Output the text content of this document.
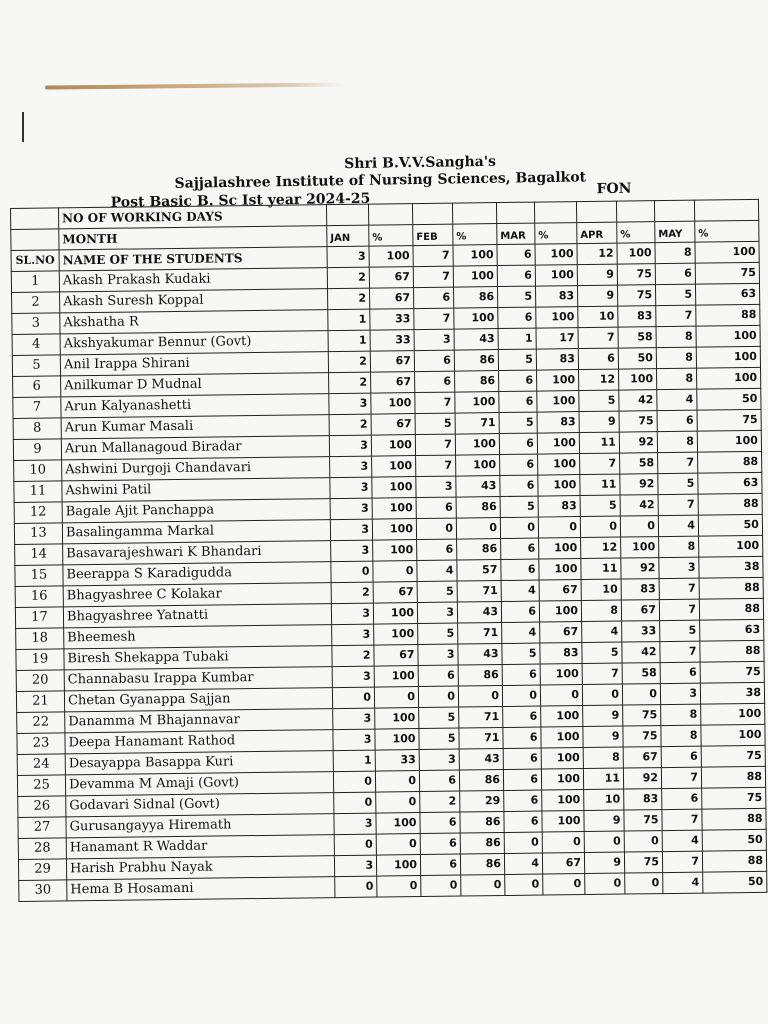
Shri B.V.V.Sangha's
Sajjalashree Institute of Nursing Sciences, Bagalkot
Post Basic B. Sc Ist year 2024-25
FON
	NO OF WORKING DAYS										
	MONTH	JAN	%	FEB	%	MAR	%	APR	%	MAY	%
SL.NO	NAME OF THE STUDENTS	3	100	7	100	6	100	12	100	8	100
1	Akash Prakash Kudaki	2	67	7	100	6	100	9	75	6	75
2	Akash Suresh Koppal	2	67	6	86	5	83	9	75	5	63
3	Akshatha R	1	33	7	100	6	100	10	83	7	88
4	Akshyakumar Bennur (Govt)	1	33	3	43	1	17	7	58	8	100
5	Anil Irappa Shirani	2	67	6	86	5	83	6	50	8	100
6	Anilkumar D Mudnal	2	67	6	86	6	100	12	100	8	100
7	Arun Kalyanashetti	3	100	7	100	6	100	5	42	4	50
8	Arun Kumar Masali	2	67	5	71	5	83	9	75	6	75
9	Arun Mallanagoud Biradar	3	100	7	100	6	100	11	92	8	100
10	Ashwini Durgoji Chandavari	3	100	7	100	6	100	7	58	7	88
11	Ashwini Patil	3	100	3	43	6	100	11	92	5	63
12	Bagale Ajit Panchappa	3	100	6	86	5	83	5	42	7	88
13	Basalingamma Markal	3	100	0	0	0	0	0	0	4	50
14	Basavarajeshwari K Bhandari	3	100	6	86	6	100	12	100	8	100
15	Beerappa S Karadigudda	0	0	4	57	6	100	11	92	3	38
16	Bhagyashree C Kolakar	2	67	5	71	4	67	10	83	7	88
17	Bhagyashree Yatnatti	3	100	3	43	6	100	8	67	7	88
18	Bheemesh	3	100	5	71	4	67	4	33	5	63
19	Biresh Shekappa Tubaki	2	67	3	43	5	83	5	42	7	88
20	Channabasu Irappa Kumbar	3	100	6	86	6	100	7	58	6	75
21	Chetan Gyanappa Sajjan	0	0	0	0	0	0	0	0	3	38
22	Danamma M Bhajannavar	3	100	5	71	6	100	9	75	8	100
23	Deepa Hanamant Rathod	3	100	5	71	6	100	9	75	8	100
24	Desayappa Basappa Kuri	1	33	3	43	6	100	8	67	6	75
25	Devamma M Amaji (Govt)	0	0	6	86	6	100	11	92	7	88
26	Godavari Sidnal (Govt)	0	0	2	29	6	100	10	83	6	75
27	Gurusangayya Hiremath	3	100	6	86	6	100	9	75	7	88
28	Hanamant R Waddar	0	0	6	86	0	0	0	0	4	50
29	Harish Prabhu Nayak	3	100	6	86	4	67	9	75	7	88
30	Hema B Hosamani	0	0	0	0	0	0	0	0	4	50
